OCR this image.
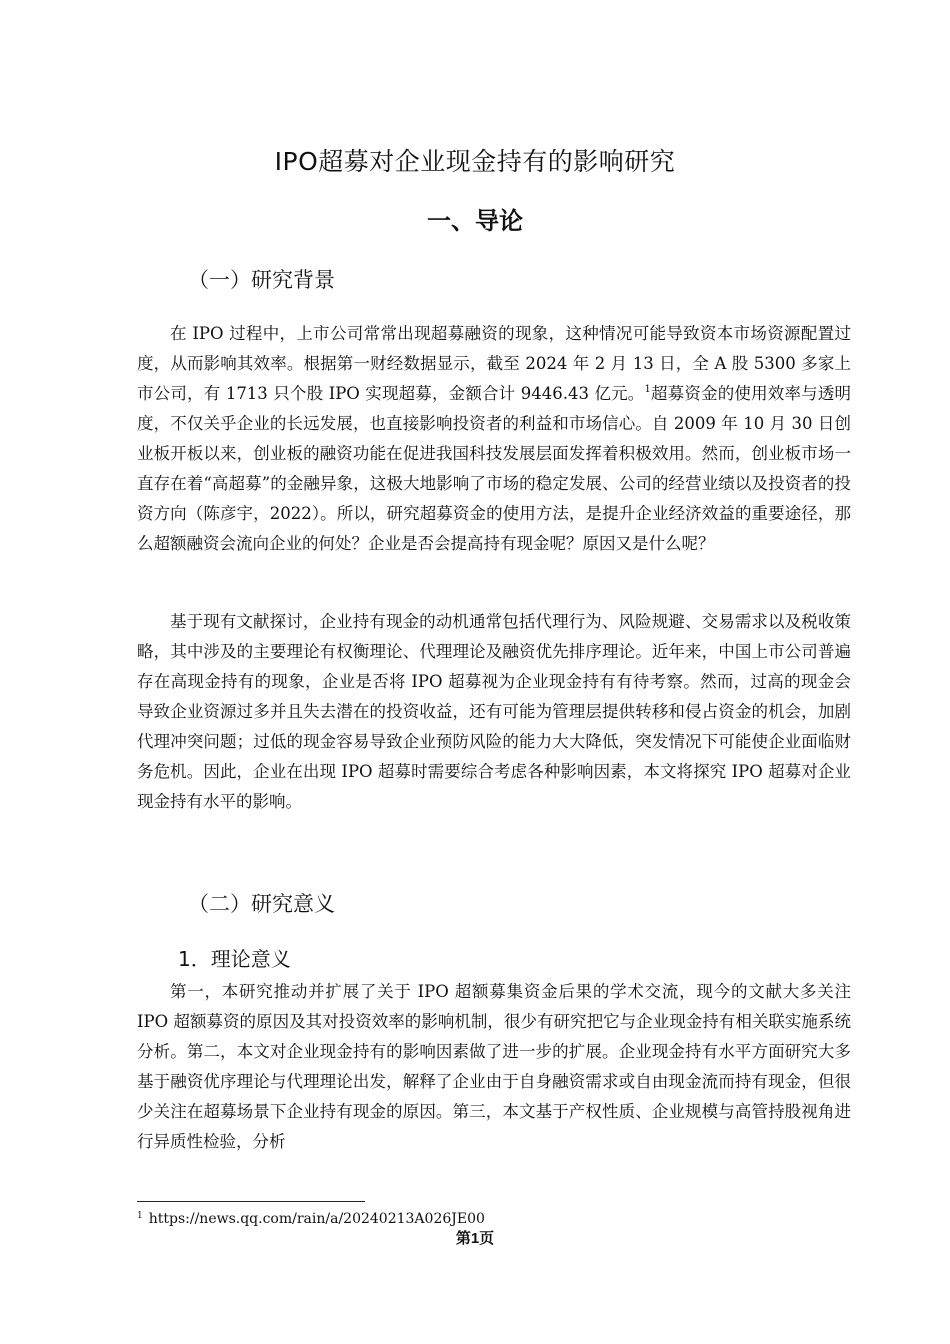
IPO超募对企业现金持有的影响研究
一、导论
（一）研究背景

在 IPO 过程中，上市公司常常出现超募融资的现象，这种情况可能导致资本市场资源配置过度，从而影响其效率。根据第一财经数据显示，截至 2024 年 2 月 13 日，全 A 股 5300 多家上市公司，有 1713 只个股 IPO 实现超募，金额合计 9446.43 亿元。$^1$超募资金的使用效率与透明度，不仅关乎企业的长远发展，也直接影响投资者的利益和市场信心。自 2009 年 10 月 30 日创业板开板以来，创业板的融资功能在促进我国科技发展层面发挥着积极效用。然而，创业板市场一直存在着“高超募”的金融异象，这极大地影响了市场的稳定发展、公司的经营业绩以及投资者的投资方向（陈彦宇，2022）。所以，研究超募资金的使用方法，是提升企业经济效益的重要途径，那么超额融资会流向企业的何处？企业是否会提高持有现金呢？原因又是什么呢？

基于现有文献探讨，企业持有现金的动机通常包括代理行为、风险规避、交易需求以及税收策略，其中涉及的主要理论有权衡理论、代理理论及融资优先排序理论。近年来，中国上市公司普遍存在高现金持有的现象，企业是否将 IPO 超募视为企业现金持有有待考察。然而，过高的现金会导致企业资源过多并且失去潜在的投资收益，还有可能为管理层提供转移和侵占资金的机会，加剧代理冲突问题；过低的现金容易导致企业预防风险的能力大大降低，突发情况下可能使企业面临财务危机。因此，企业在出现 IPO 超募时需要综合考虑各种影响因素，本文将探究 IPO 超募对企业现金持有水平的影响。

（二）研究意义
1．理论意义

第一，本研究推动并扩展了关于 IPO 超额募集资金后果的学术交流，现今的文献大多关注 IPO 超额募资的原因及其对投资效率的影响机制，很少有研究把它与企业现金持有相关联实施系统分析。第二，本文对企业现金持有的影响因素做了进一步的扩展。企业现金持有水平方面研究大多基于融资优序理论与代理理论出发，解释了企业由于自身融资需求或自由现金流而持有现金，但很少关注在超募场景下企业持有现金的原因。第三，本文基于产权性质、企业规模与高管持股视角进行异质性检验，分析

$^1$ https://news.qq.com/rain/a/20240213A026JE00
第1页
